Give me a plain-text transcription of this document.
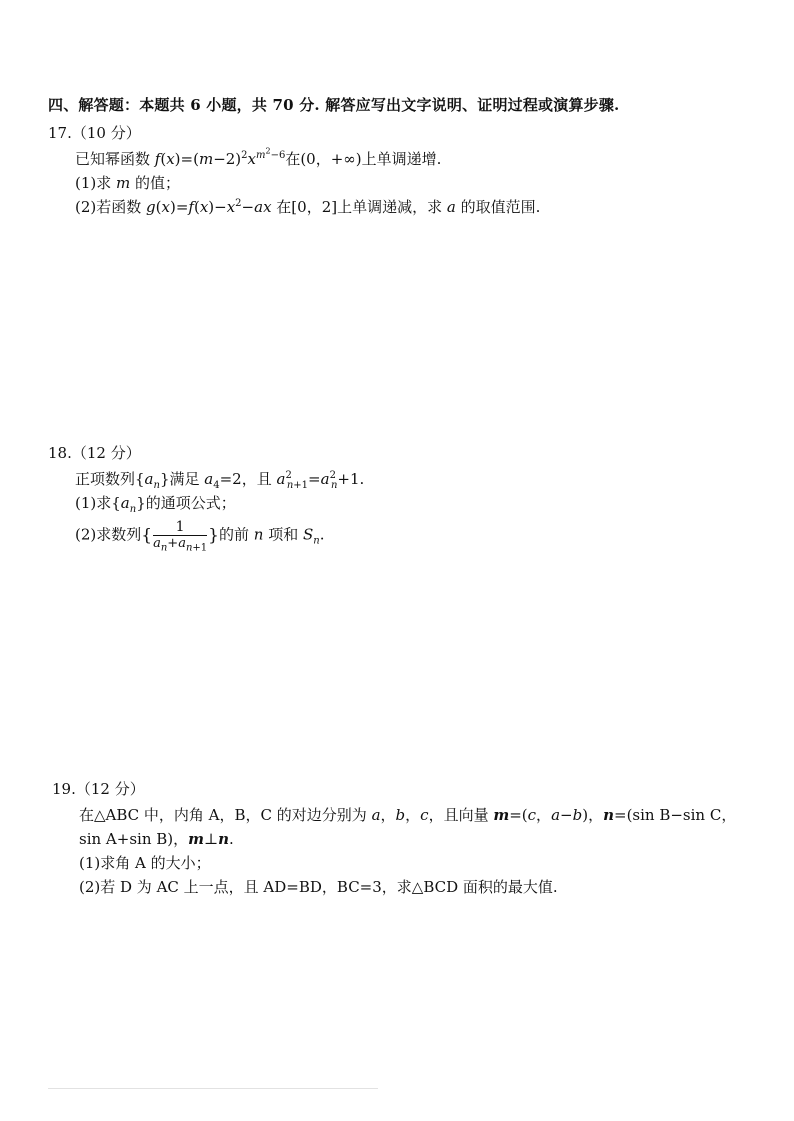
四、解答题：本题共 6 小题，共 70 分. 解答应写出文字说明、证明过程或演算步骤.
17.（10 分）
已知幂函数 $f(x)=(m-2)^2x^{m^2-6}$在(0，+∞)上单调递增.
(1)求 m 的值；
(2)若函数 $g(x)=f(x)-x^2-ax$ 在[0，2]上单调递减，求 a 的取值范围.
18.（12 分）
正项数列$\{a_n\}$满足 $a_4=2$，且 $a^2_{n+1}=a^2_n+1$.
(1)求$\{a_n\}$的通项公式；
(2)求数列{ $\frac{1}{a_n+a_{n+1}}$ }的前 n 项和 $S_n$.
19.（12 分）
在△ABC 中，内角 A，B，C 的对边分别为 a，b，c，且向量 m=(c，a−b)，n=(sin B−sin C，
sin A+sin B)，m⊥n.
(1)求角 A 的大小；
(2)若 D 为 AC 上一点，且 AD=BD，BC=3，求△BCD 面积的最大值.
